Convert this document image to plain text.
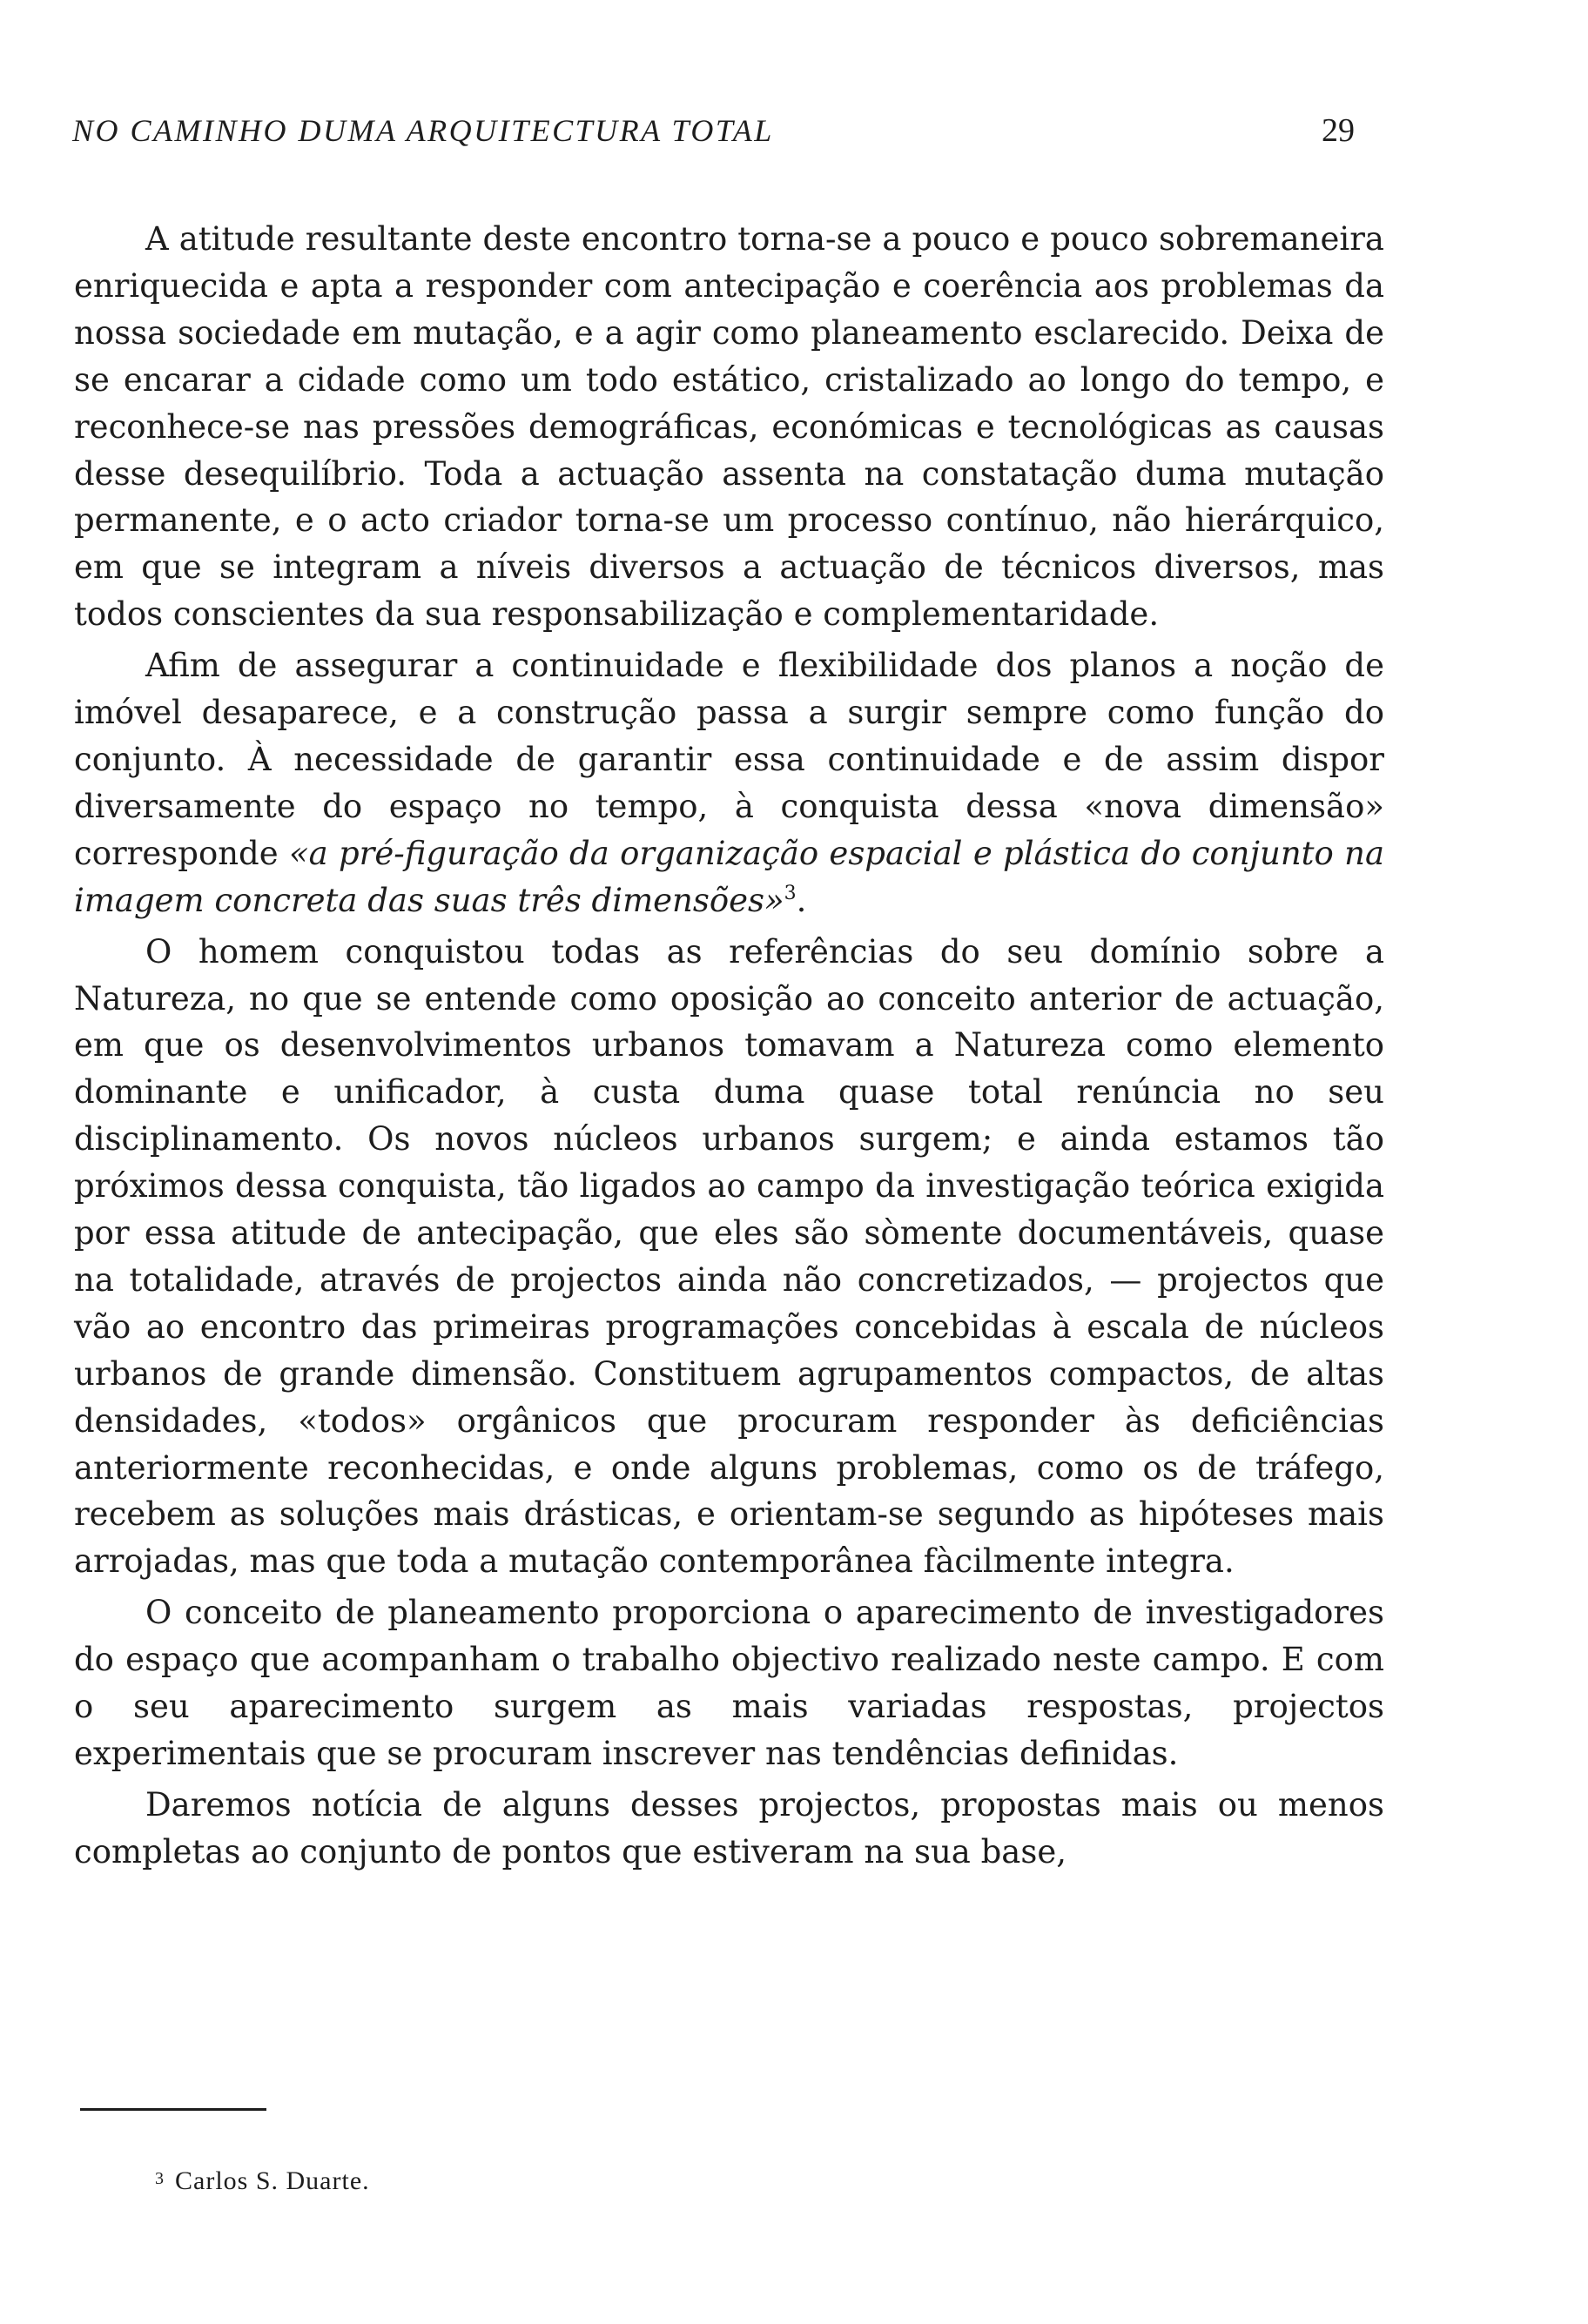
NO CAMINHO DUMA ARQUITECTURA TOTAL	29

A atitude resultante deste encontro torna-se a pouco e pouco sobremaneira enriquecida e apta a responder com antecipação e coerência aos problemas da nossa sociedade em mutação, e a agir como planeamento esclarecido. Deixa de se encarar a cidade como um todo estático, cristalizado ao longo do tempo, e reconhece-se nas pressões demográficas, económicas e tecnológicas as causas desse desequilíbrio. Toda a actuação assenta na constatação duma mutação permanente, e o acto criador torna-se um processo contínuo, não hierárquico, em que se integram a níveis diversos a actuação de técnicos diversos, mas todos conscientes da sua responsabilização e complementaridade.

Afim de assegurar a continuidade e flexibilidade dos planos a noção de imóvel desaparece, e a construção passa a surgir sempre como função do conjunto. À necessidade de garantir essa continuidade e de assim dispor diversamente do espaço no tempo, à conquista dessa «nova dimensão» corresponde «a pré-figuração da organização espacial e plástica do conjunto na imagem concreta das suas três dimensões»$^3$.

O homem conquistou todas as referências do seu domínio sobre a Natureza, no que se entende como oposição ao conceito anterior de actuação, em que os desenvolvimentos urbanos tomavam a Natureza como elemento dominante e unificador, à custa duma quase total renúncia no seu disciplinamento. Os novos núcleos urbanos surgem; e ainda estamos tão próximos dessa conquista, tão ligados ao campo da investigação teórica exigida por essa atitude de antecipação, que eles são sòmente documentáveis, quase na totalidade, através de projectos ainda não concretizados, — projectos que vão ao encontro das primeiras programações concebidas à escala de núcleos urbanos de grande dimensão. Constituem agrupamentos compactos, de altas densidades, «todos» orgânicos que procuram responder às deficiências anteriormente reconhecidas, e onde alguns problemas, como os de tráfego, recebem as soluções mais drásticas, e orientam-se segundo as hipóteses mais arrojadas, mas que toda a mutação contemporânea fàcilmente integra.

O conceito de planeamento proporciona o aparecimento de investigadores do espaço que acompanham o trabalho objectivo realizado neste campo. E com o seu aparecimento surgem as mais variadas respostas, projectos experimentais que se procuram inscrever nas tendências definidas.

Daremos notícia de alguns desses projectos, propostas mais ou menos completas ao conjunto de pontos que estiveram na sua base,

$^3$ Carlos S. Duarte.
